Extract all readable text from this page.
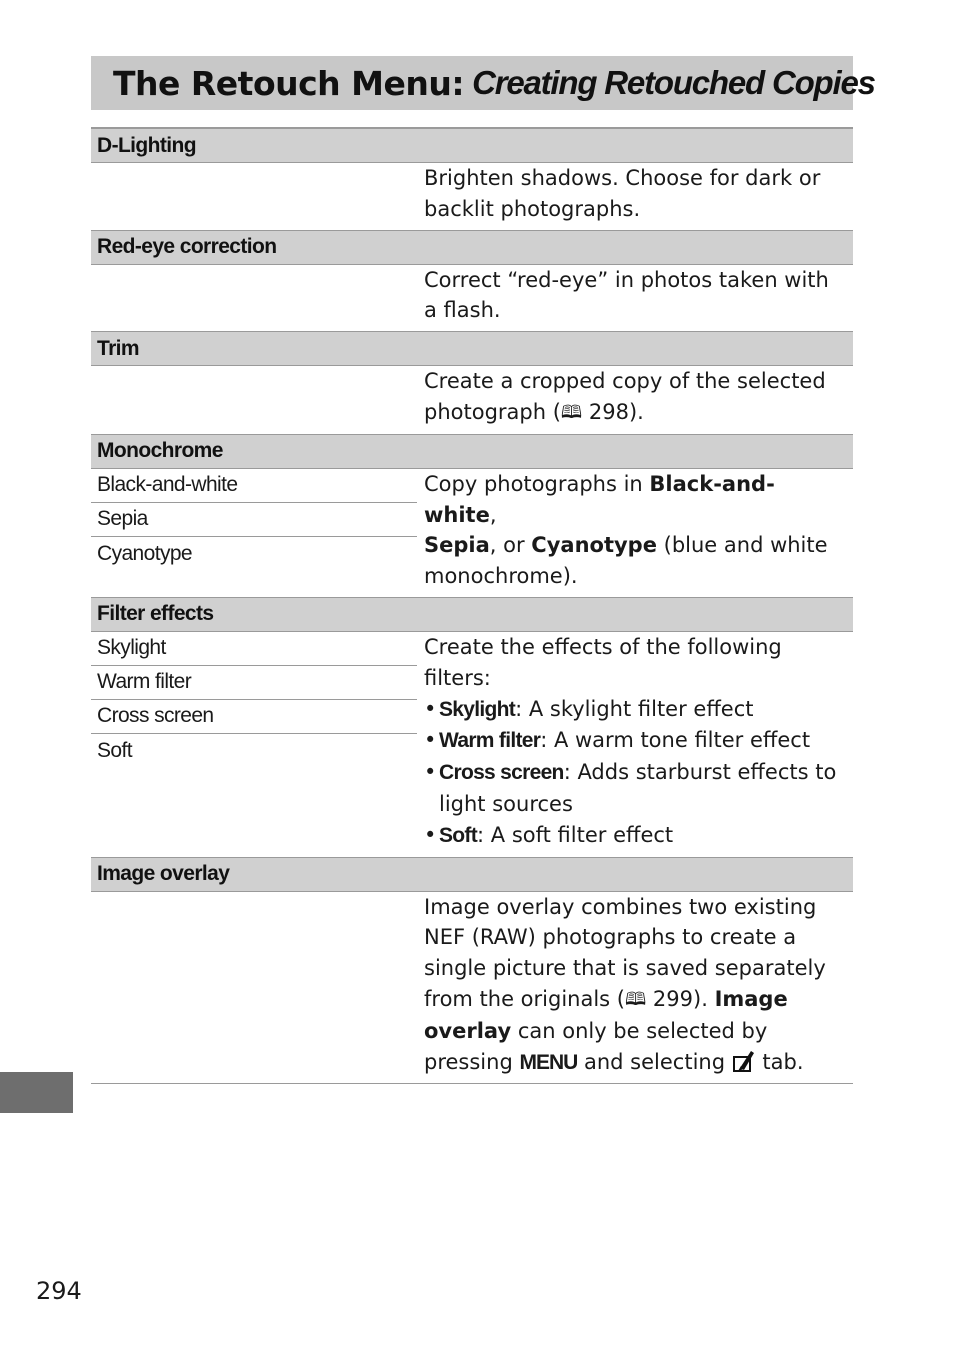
The Retouch Menu: Creating Retouched Copies
D-Lighting
Brighten shadows. Choose for dark or backlit photographs.
Red-eye correction
Correct “red-eye” in photos taken with a flash.
Trim
Create a cropped copy of the selected photograph (🕮 298).
Monochrome
Black-and-white
Sepia
Cyanotype
Copy photographs in Black-and-white,
Sepia, or Cyanotype (blue and white monochrome).
Filter effects
Skylight
Warm filter
Cross screen
Soft
Create the effects of the following filters:
• Skylight: A skylight filter effect
• Warm filter: A warm tone filter effect
• Cross screen: Adds starburst effects to light sources
• Soft: A soft filter effect
Image overlay
Image overlay combines two existing NEF (RAW) photographs to create a single picture that is saved separately from the originals (🕮 299). Image overlay can only be selected by pressing MENU and selecting  tab.
294
